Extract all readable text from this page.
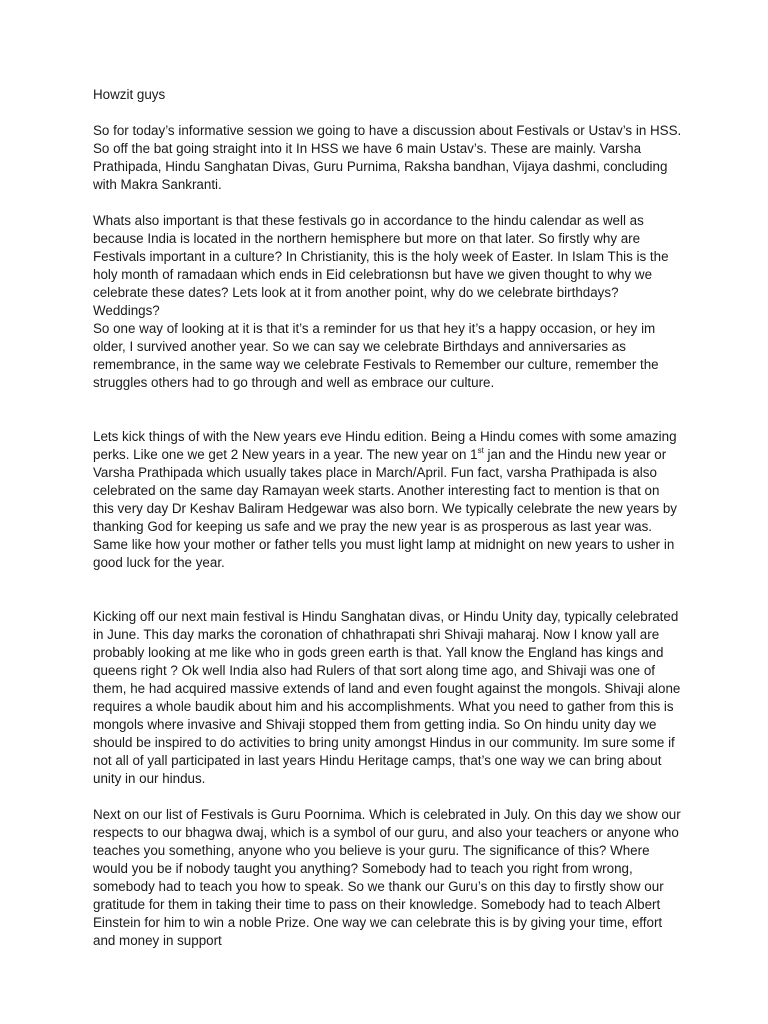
Howzit guys

So for today’s informative session we going to have a discussion about Festivals or Ustav’s in HSS. So off the bat going straight into it In HSS we have 6 main Ustav’s. These are mainly. Varsha Prathipada, Hindu Sanghatan Divas, Guru Purnima, Raksha bandhan, Vijaya dashmi, concluding with Makra Sankranti.

Whats also important is that these festivals go in accordance to the hindu calendar as well as because India is located in the northern hemisphere but more on that later. So firstly why are Festivals important in a culture? In Christianity, this is the holy week of Easter. In Islam This is the holy month of ramadaan which ends in Eid celebrationsn but have we given thought to why we celebrate these dates? Lets look at it from another point, why do we celebrate birthdays? Weddings?

So one way of looking at it is that it’s a reminder for us that hey it’s a happy occasion, or hey im older, I survived another year. So we can say we celebrate Birthdays and anniversaries as remembrance, in the same way we celebrate Festivals to Remember our culture, remember the struggles others had to go through and well as embrace our culture.

Lets kick things of with the New years eve Hindu edition. Being a Hindu comes with some amazing perks. Like one we get 2 New years in a year. The new year on 1st jan and the Hindu new year or Varsha Prathipada which usually takes place in March/April. Fun fact, varsha Prathipada is also celebrated on the same day Ramayan week starts. Another interesting fact to mention is that on this very day Dr Keshav Baliram Hedgewar was also born. We typically celebrate the new years by thanking God for keeping us safe and we pray the new year is as prosperous as last year was. Same like how your mother or father tells you must light lamp at midnight on new years to usher in good luck for the year.

Kicking off our next main festival is Hindu Sanghatan divas, or Hindu Unity day, typically celebrated in June. This day marks the coronation of chhathrapati shri Shivaji maharaj. Now I know yall are probably looking at me like who in gods green earth is that. Yall know the England has kings and queens right ? Ok well India also had Rulers of that sort along time ago, and Shivaji was one of them, he had acquired massive extends of land and even fought against the mongols. Shivaji alone requires a whole baudik about him and his accomplishments. What you need to gather from this is mongols where invasive and Shivaji stopped them from getting india. So On hindu unity day we should be inspired to do activities to bring unity amongst Hindus in our community. Im sure some if not all of yall participated in last years Hindu Heritage camps, that’s one way we can bring about unity in our hindus.

Next on our list of Festivals is Guru Poornima. Which is celebrated in July. On this day we show our respects to our bhagwa dwaj, which is a symbol of our guru, and also your teachers or anyone who teaches you something, anyone who you believe is your guru. The significance of this? Where would you be if nobody taught you anything? Somebody had to teach you right from wrong, somebody had to teach you how to speak. So we thank our Guru’s on this day to firstly show our gratitude for them in taking their time to pass on their knowledge. Somebody had to teach Albert Einstein for him to win a noble Prize. One way we can celebrate this is by giving your time, effort and money in support
